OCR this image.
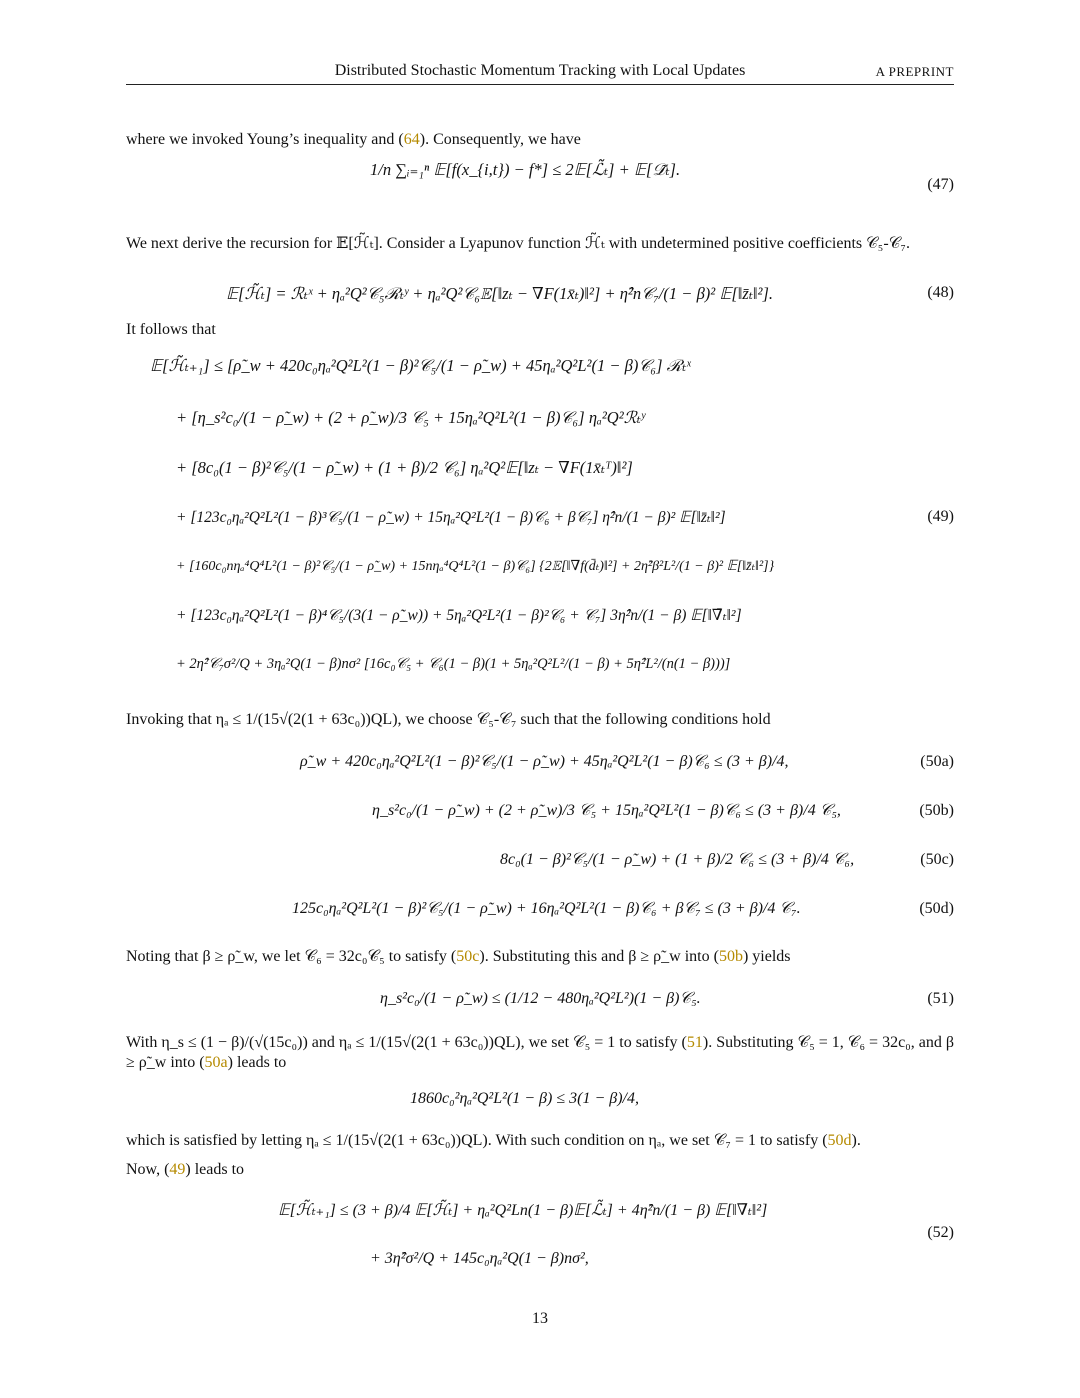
Distributed Stochastic Momentum Tracking with Local Updates	A PREPRINT
where we invoked Young’s inequality and (64). Consequently, we have
1/n ∑ᵢ₌₁ⁿ 𝔼[f(x_{i,t}) − f*] ≤ 2𝔼[ℒ̃ₜ] + 𝔼[𝒟̃ₜ].
(47)
We next derive the recursion for 𝔼[ℋ̃ₜ]. Consider a Lyapunov function ℋ̃ₜ with undetermined positive coefficients 𝒞₅-𝒞₇.
𝔼[ℋ̃ₜ] = ℛₜˣ + ηₐ²Q²𝒞₅ℛₜʸ + ηₐ²Q²𝒞₆𝔼[‖zₜ − ∇F(1x̄ₜ)‖²] + η̂²n𝒞₇/(1 − β)² 𝔼[‖z̄ₜ‖²].	(48)
It follows that
𝔼[ℋ̃ₜ₊₁] ≤ [ρ̃_w + 420c₀ηₐ²Q²L²(1 − β)²𝒞₅/(1 − ρ̃_w) + 45ηₐ²Q²L²(1 − β)𝒞₆] ℛₜˣ
+ [η_s²c₀/(1 − ρ̃_w) + (2 + ρ̃_w)/3 𝒞₅ + 15ηₐ²Q²L²(1 − β)𝒞₆] ηₐ²Q²ℛₜʸ
+ [8c₀(1 − β)²𝒞₅/(1 − ρ̃_w) + (1 + β)/2 𝒞₆] ηₐ²Q²𝔼[‖zₜ − ∇F(1x̄ₜᵀ)‖²]
+ [123c₀ηₐ²Q²L²(1 − β)³𝒞₅/(1 − ρ̃_w) + 15ηₐ²Q²L²(1 − β)𝒞₆ + β𝒞₇] η̂²n/(1 − β)² 𝔼[‖z̄ₜ‖²]
+ [160c₀nηₐ⁴Q⁴L²(1 − β)²𝒞₅/(1 − ρ̃_w) + 15nηₐ⁴Q⁴L²(1 − β)𝒞₆] {2𝔼[‖∇f(d̄ₜ)‖²] + 2η̂²β²L²/(1 − β)² 𝔼[‖z̄ₜ‖²]}
+ [123c₀ηₐ²Q²L²(1 − β)⁴𝒞₅/(3(1 − ρ̃_w)) + 5ηₐ²Q²L²(1 − β)²𝒞₆ + 𝒞₇] 3η̂²n/(1 − β) 𝔼[‖∇̄ₜ‖²]
+ 2η̂²𝒞₇σ²/Q + 3ηₐ²Q(1 − β)nσ² [16c₀𝒞₅ + 𝒞₆(1 − β)(1 + 5ηₐ²Q²L²/(1 − β) + 5η̂²L²/(n(1 − β)))]
(49)
Invoking that ηₐ ≤ 1/(15√(2(1 + 63c₀))QL), we choose 𝒞₅-𝒞₇ such that the following conditions hold
ρ̃_w + 420c₀ηₐ²Q²L²(1 − β)²𝒞₅/(1 − ρ̃_w) + 45ηₐ²Q²L²(1 − β)𝒞₆ ≤ (3 + β)/4,	(50a)
η_s²c₀/(1 − ρ̃_w) + (2 + ρ̃_w)/3 𝒞₅ + 15ηₐ²Q²L²(1 − β)𝒞₆ ≤ (3 + β)/4 𝒞₅,	(50b)
8c₀(1 − β)²𝒞₅/(1 − ρ̃_w) + (1 + β)/2 𝒞₆ ≤ (3 + β)/4 𝒞₆,	(50c)
125c₀ηₐ²Q²L²(1 − β)²𝒞₅/(1 − ρ̃_w) + 16ηₐ²Q²L²(1 − β)𝒞₆ + β𝒞₇ ≤ (3 + β)/4 𝒞₇.	(50d)
Noting that β ≥ ρ̃_w, we let 𝒞₆ = 32c₀𝒞₅ to satisfy (50c). Substituting this and β ≥ ρ̃_w into (50b) yields
η_s²c₀/(1 − ρ̃_w) ≤ (1/12 − 480ηₐ²Q²L²)(1 − β)𝒞₅.	(51)
With η_s ≤ (1 − β)/(√(15c₀)) and ηₐ ≤ 1/(15√(2(1 + 63c₀))QL), we set 𝒞₅ = 1 to satisfy (51). Substituting 𝒞₅ = 1, 𝒞₆ = 32c₀, and β ≥ ρ̃_w into (50a) leads to
1860c₀²ηₐ²Q²L²(1 − β) ≤ 3(1 − β)/4,
which is satisfied by letting ηₐ ≤ 1/(15√(2(1 + 63c₀))QL). With such condition on ηₐ, we set 𝒞₇ = 1 to satisfy (50d).
Now, (49) leads to
𝔼[ℋ̃ₜ₊₁] ≤ (3 + β)/4 𝔼[ℋ̃ₜ] + ηₐ²Q²Ln(1 − β)𝔼[ℒ̃ₜ] + 4η̂²n/(1 − β) 𝔼[‖∇̄ₜ‖²]
+ 3η̂²σ²/Q + 145c₀ηₐ²Q(1 − β)nσ²,
(52)
13
